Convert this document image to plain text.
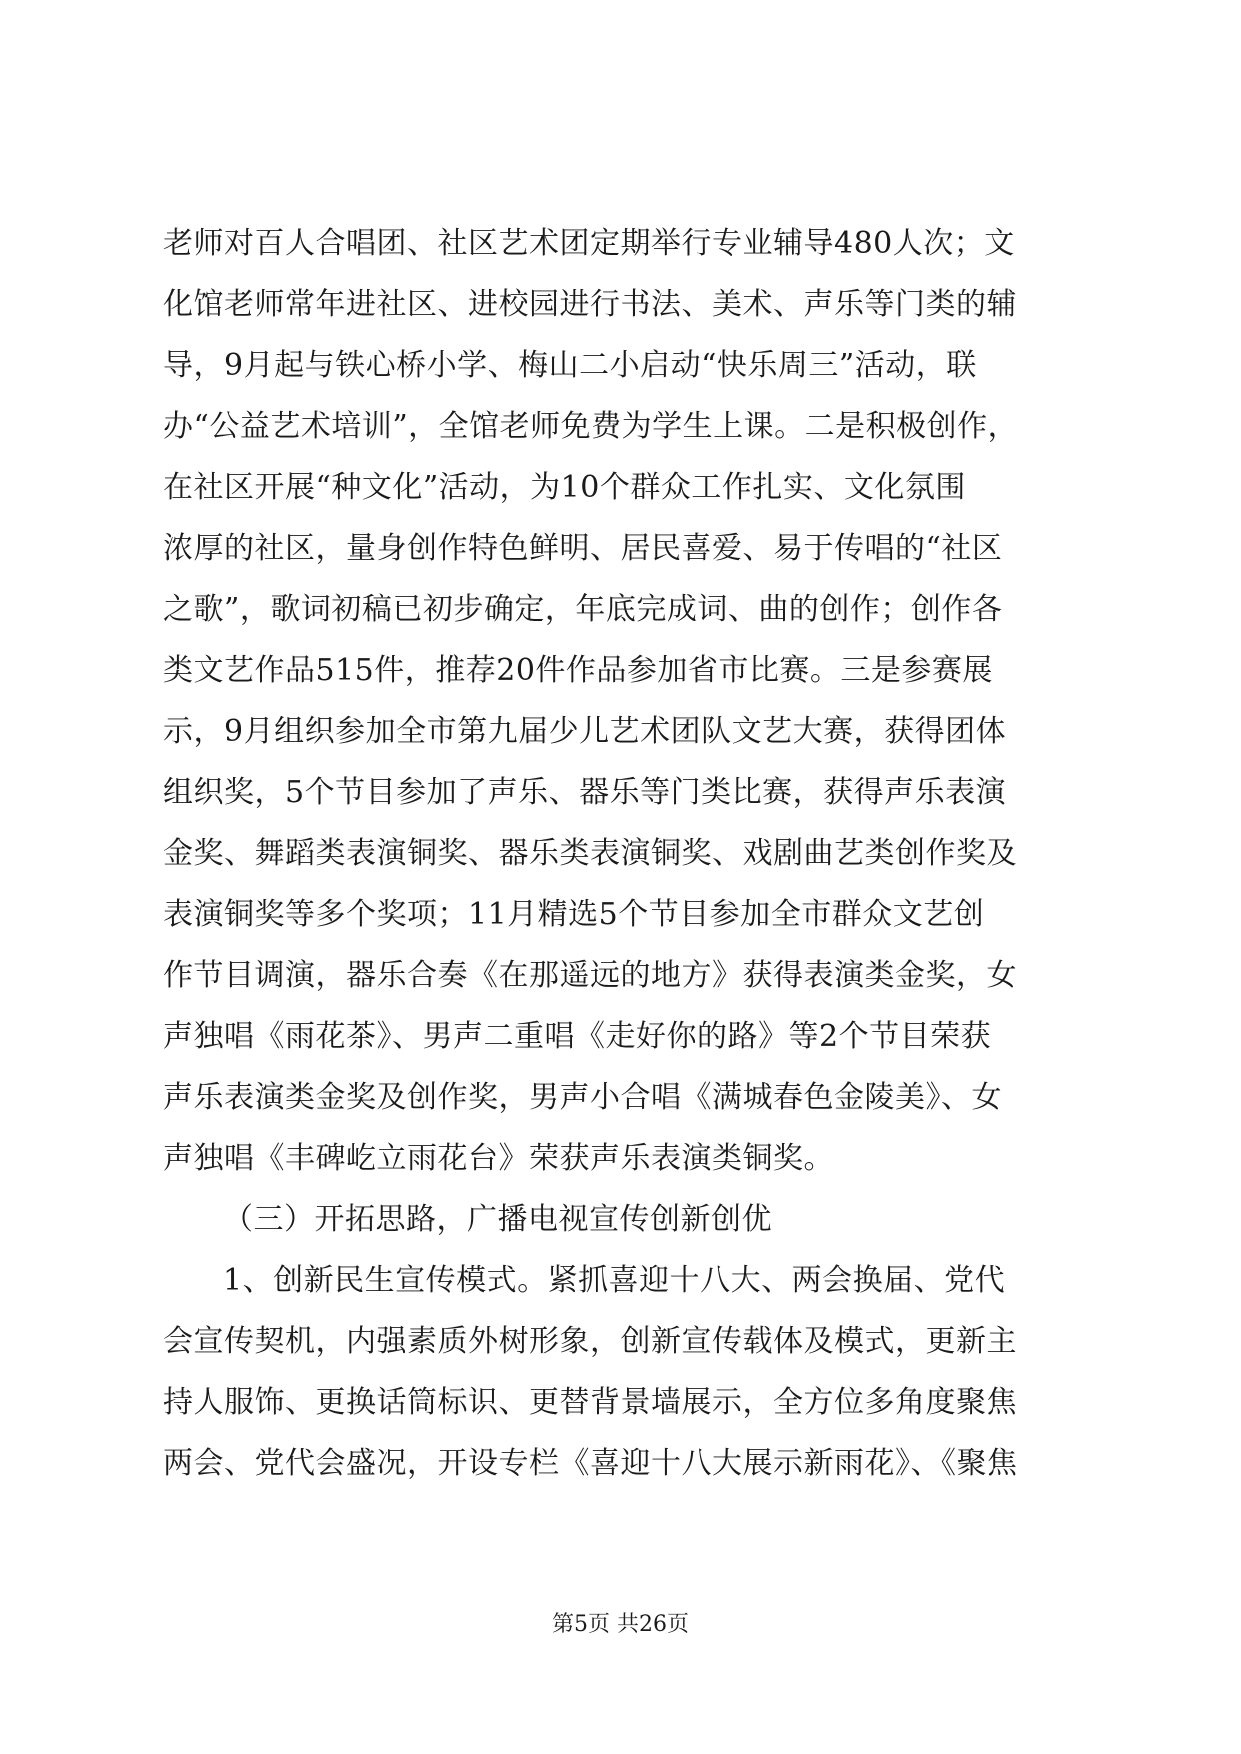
老师对百人合唱团、社区艺术团定期举行专业辅导480人次；文
化馆老师常年进社区、进校园进行书法、美术、声乐等门类的辅
导，9月起与铁心桥小学、梅山二小启动“快乐周三”活动，联
办“公益艺术培训”，全馆老师免费为学生上课。二是积极创作，
在社区开展“种文化”活动，为10个群众工作扎实、文化氛围
浓厚的社区，量身创作特色鲜明、居民喜爱、易于传唱的“社区
之歌”，歌词初稿已初步确定，年底完成词、曲的创作；创作各
类文艺作品515件，推荐20件作品参加省市比赛。三是参赛展
示，9月组织参加全市第九届少儿艺术团队文艺大赛，获得团体
组织奖，5个节目参加了声乐、器乐等门类比赛，获得声乐表演
金奖、舞蹈类表演铜奖、器乐类表演铜奖、戏剧曲艺类创作奖及
表演铜奖等多个奖项；11月精选5个节目参加全市群众文艺创
作节目调演，器乐合奏《在那遥远的地方》获得表演类金奖，女
声独唱《雨花茶》、男声二重唱《走好你的路》等2个节目荣获
声乐表演类金奖及创作奖，男声小合唱《满城春色金陵美》、女
声独唱《丰碑屹立雨花台》荣获声乐表演类铜奖。
（三）开拓思路，广播电视宣传创新创优
1、创新民生宣传模式。紧抓喜迎十八大、两会换届、党代
会宣传契机，内强素质外树形象，创新宣传载体及模式，更新主
持人服饰、更换话筒标识、更替背景墙展示，全方位多角度聚焦
两会、党代会盛况，开设专栏《喜迎十八大展示新雨花》、《聚焦
第5页 共26页
